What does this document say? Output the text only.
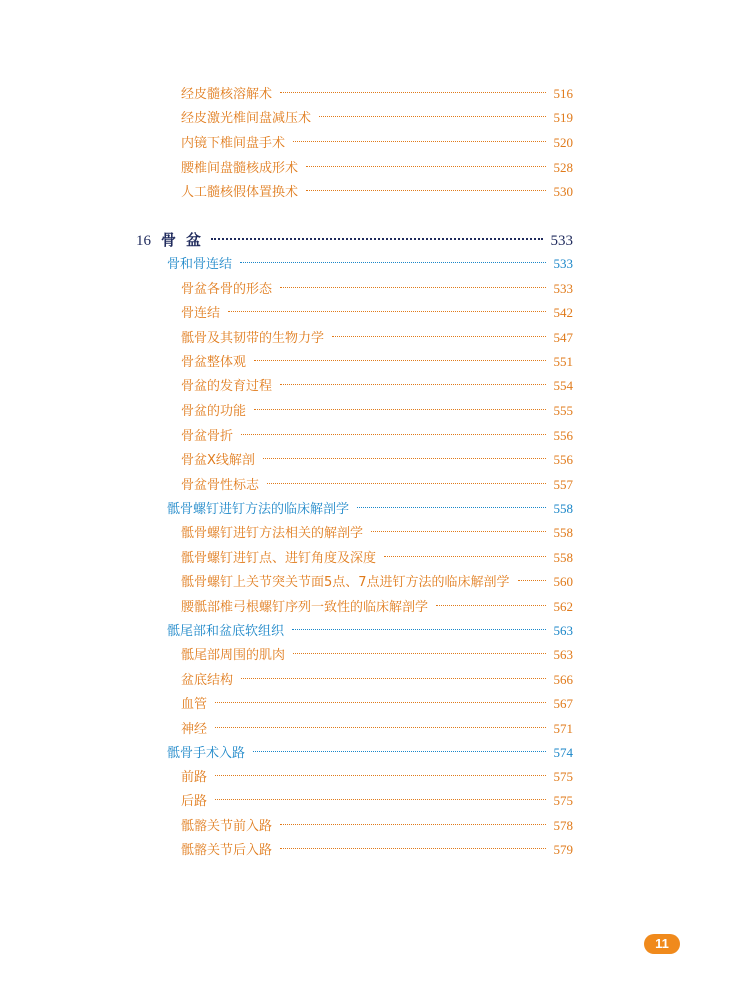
经皮髓核溶解术	516
经皮激光椎间盘减压术	519
内镜下椎间盘手术	520
腰椎间盘髓核成形术	528
人工髓核假体置换术	530
16 骨盆	533
骨和骨连结	533
骨盆各骨的形态	533
骨连结	542
骶骨及其韧带的生物力学	547
骨盆整体观	551
骨盆的发育过程	554
骨盆的功能	555
骨盆骨折	556
骨盆X线解剖	556
骨盆骨性标志	557
骶骨螺钉进钉方法的临床解剖学	558
骶骨螺钉进钉方法相关的解剖学	558
骶骨螺钉进钉点、进钉角度及深度	558
骶骨螺钉上关节突关节面5点、7点进钉方法的临床解剖学	560
腰骶部椎弓根螺钉序列一致性的临床解剖学	562
骶尾部和盆底软组织	563
骶尾部周围的肌肉	563
盆底结构	566
血管	567
神经	571
骶骨手术入路	574
前路	575
后路	575
骶髂关节前入路	578
骶髂关节后入路	579
11
